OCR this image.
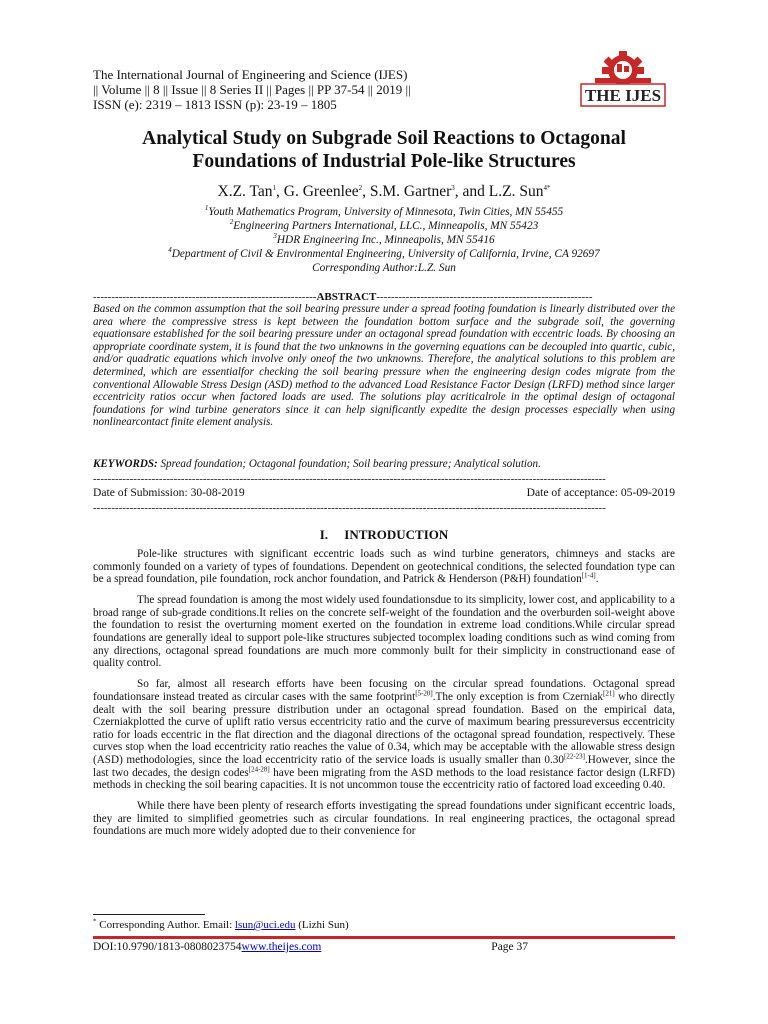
The International Journal of Engineering and Science (IJES)
|| Volume || 8 || Issue || 8 Series II || Pages || PP 37-54 || 2019 ||
ISSN (e): 2319 – 1813 ISSN (p): 23-19 – 1805	THE IJES
Analytical Study on Subgrade Soil Reactions to Octagonal
Foundations of Industrial Pole-like Structures
X.Z. Tan$^1$, G. Greenlee$^2$, S.M. Gartner$^3$, and L.Z. Sun$^{4*}$
$^1$Youth Mathematics Program, University of Minnesota, Twin Cities, MN 55455
$^2$Engineering Partners International, LLC., Minneapolis, MN 55423
$^3$HDR Engineering Inc., Minneapolis, MN 55416
$^4$Department of Civil & Environmental Engineering, University of California, Irvine, CA 92697
Corresponding Author:L.Z. Sun
-------------------------------------------------------------ABSTRACT-----------------------------------------------------------
Based on the common assumption that the soil bearing pressure under a spread footing foundation is linearly distributed over the area where the compressive stress is kept between the foundation bottom surface and the subgrade soil, the governing equationsare established for the soil bearing pressure under an octagonal spread foundation with eccentric loads. By choosing an appropriate coordinate system, it is found that the two unknowns in the governing equations can be decoupled into quartic, cubic, and/or quadratic equations which involve only oneof the two unknowns. Therefore, the analytical solutions to this problem are determined, which are essentialfor checking the soil bearing pressure when the engineering design codes migrate from the conventional Allowable Stress Design (ASD) method to the advanced Load Resistance Factor Design (LRFD) method since larger eccentricity ratios occur when factored loads are used. The solutions play acriticalrole in the optimal design of octagonal foundations for wind turbine generators since it can help significantly expedite the design processes especially when using nonlinearcontact finite element analysis.
KEYWORDS: Spread foundation; Octagonal foundation; Soil bearing pressure; Analytical solution.
--------------------------------------------------------------------------------------------------------------------------------------------
Date of Submission: 30-08-2019	Date of acceptance: 05-09-2019
--------------------------------------------------------------------------------------------------------------------------------------------
I. INTRODUCTION

Pole-like structures with significant eccentric loads such as wind turbine generators, chimneys and stacks are commonly founded on a variety of types of foundations. Dependent on geotechnical conditions, the selected foundation type can be a spread foundation, pile foundation, rock anchor foundation, and Patrick & Henderson (P&H) foundation[1-4].

The spread foundation is among the most widely used foundationsdue to its simplicity, lower cost, and applicability to a broad range of sub-grade conditions.It relies on the concrete self-weight of the foundation and the overburden soil-weight above the foundation to resist the overturning moment exerted on the foundation in extreme load conditions.While circular spread foundations are generally ideal to support pole-like structures subjected tocomplex loading conditions such as wind coming from any directions, octagonal spread foundations are much more commonly built for their simplicity in constructionand ease of quality control.

So far, almost all research efforts have been focusing on the circular spread foundations. Octagonal spread foundationsare instead treated as circular cases with the same footprint[5-20].The only exception is from Czerniak[21] who directly dealt with the soil bearing pressure distribution under an octagonal spread foundation. Based on the empirical data, Czerniakplotted the curve of uplift ratio versus eccentricity ratio and the curve of maximum bearing pressureversus eccentricity ratio for loads eccentric in the flat direction and the diagonal directions of the octagonal spread foundation, respectively. These curves stop when the load eccentricity ratio reaches the value of 0.34, which may be acceptable with the allowable stress design (ASD) methodologies, since the load eccentricity ratio of the service loads is usually smaller than 0.30[22-23].However, since the last two decades, the design codes[24-28] have been migrating from the ASD methods to the load resistance factor design (LRFD) methods in checking the soil bearing capacities. It is not uncommon touse the eccentricity ratio of factored load exceeding 0.40.

While there have been plenty of research efforts investigating the spread foundations under significant eccentric loads, they are limited to simplified geometries such as circular foundations. In real engineering practices, the octagonal spread foundations are much more widely adopted due to their convenience for

* Corresponding Author. Email: lsun@uci.edu (Lizhi Sun)
DOI:10.9790/1813-0808023754 www.theijes.com	Page 37
